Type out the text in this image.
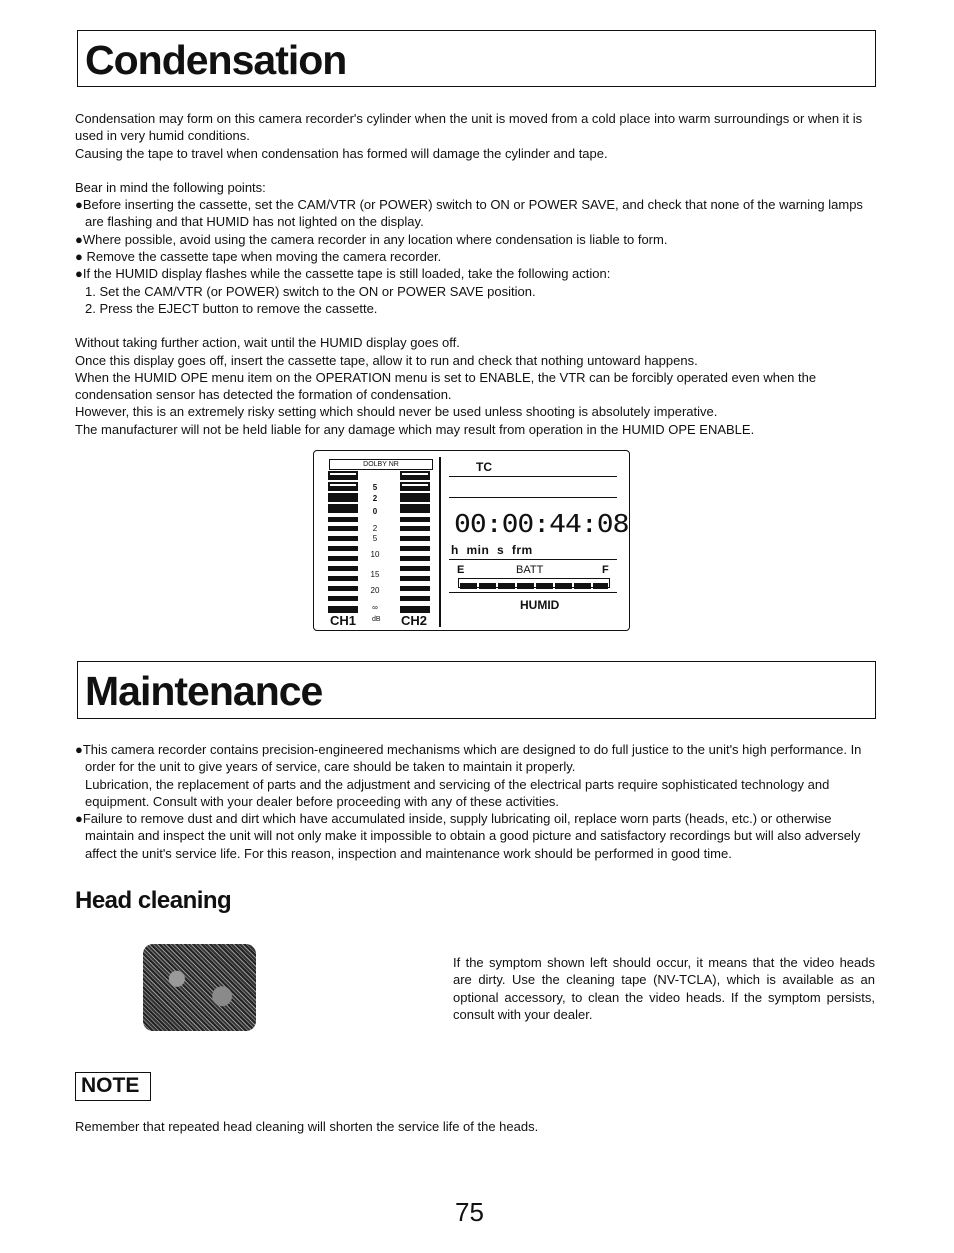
Condensation

Condensation may form on this camera recorder's cylinder when the unit is moved from a cold place into warm surroundings or when it is used in very humid conditions.

Causing the tape to travel when condensation has formed will damage the cylinder and tape.

Bear in mind the following points:

●Before inserting the cassette, set the CAM/VTR (or POWER) switch to ON or POWER SAVE, and check that none of the warning lamps are flashing and that HUMID has not lighted on the display.

●Where possible, avoid using the camera recorder in any location where condensation is liable to form.

● Remove the cassette tape when moving the camera recorder.

●If the HUMID display flashes while the cassette tape is still loaded, take the following action:

1. Set the CAM/VTR (or POWER) switch to the ON or POWER SAVE position.

2. Press the EJECT button to remove the cassette.

Without taking further action, wait until the HUMID display goes off.

Once this display goes off, insert the cassette tape, allow it to run and check that nothing untoward happens.

When the HUMID OPE menu item on the OPERATION menu is set to ENABLE, the VTR can be forcibly operated even when the condensation sensor has detected the formation of condensation.

However, this is an extremely risky setting which should never be used unless shooting is absolutely imperative.

The manufacturer will not be held liable for any damage which may result from operation in the HUMID OPE ENABLE.

DOLBY NR
5
2
0
2
5
10
15
20
∞
CH1 dB CH2
TC
00:00:44:08
h  min  s  frm
E	BATT	F
HUMID
Maintenance

●This camera recorder contains precision-engineered mechanisms which are designed to do full justice to the unit's high performance. In order for the unit to give years of service, care should be taken to maintain it properly.

Lubrication, the replacement of parts and the adjustment and servicing of the electrical parts require sophisticated technology and equipment. Consult with your dealer before proceeding with any of these activities.

●Failure to remove dust and dirt which have accumulated inside, supply lubricating oil, replace worn parts (heads, etc.) or otherwise maintain and inspect the unit will not only make it impossible to obtain a good picture and satisfactory recordings but will also adversely affect the unit's service life. For this reason, inspection and maintenance work should be performed in good time.

Head cleaning
If the symptom shown left should occur, it means that the video heads are dirty. Use the cleaning tape (NV-TCLA), which is available as an optional accessory, to clean the video heads. If the symptom persists, consult with your dealer.
NOTE
Remember that repeated head cleaning will shorten the service life of the heads.
75
